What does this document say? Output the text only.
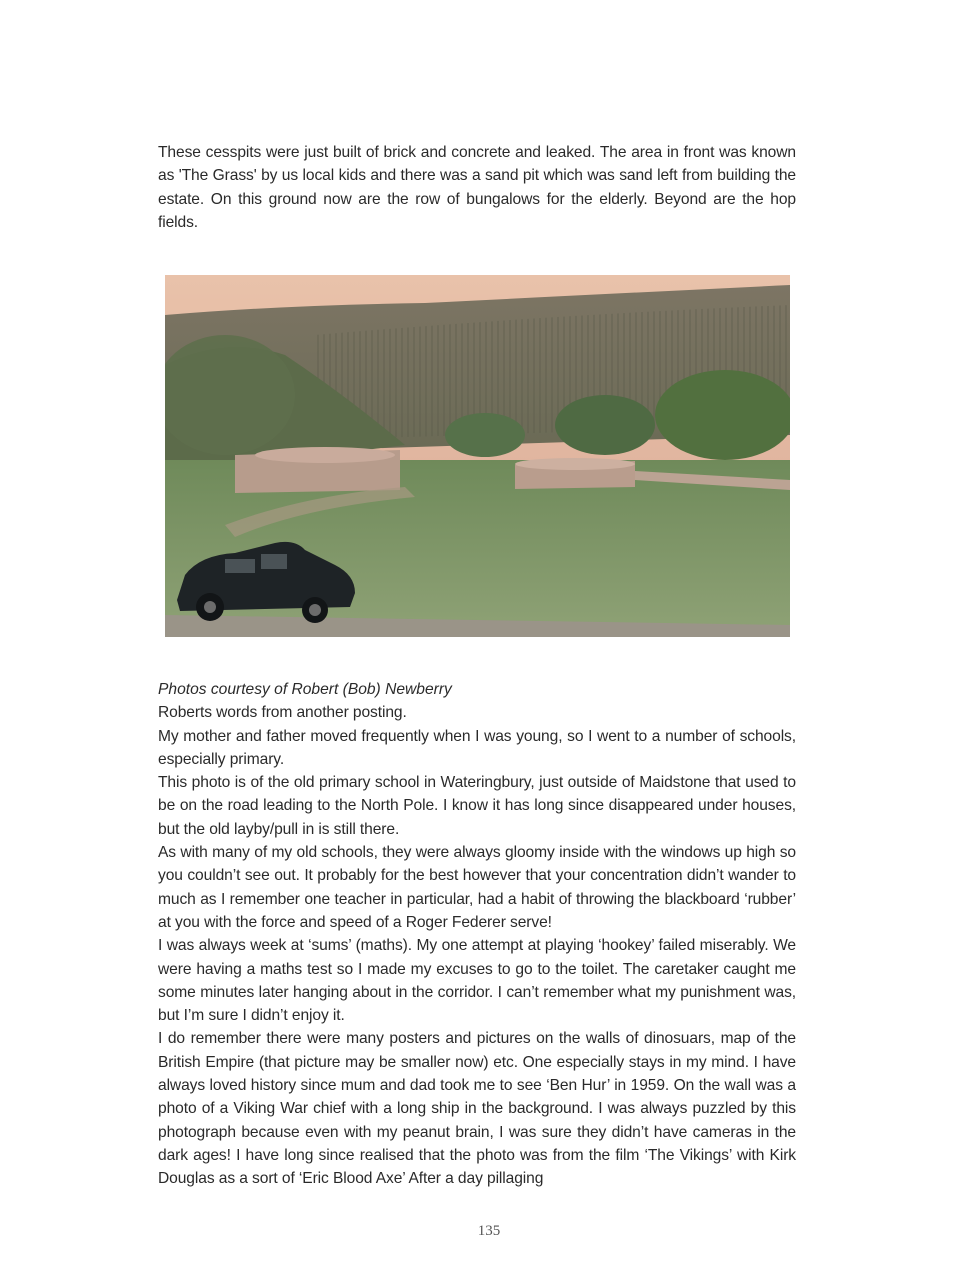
These cesspits were just built of brick and concrete and leaked. The area in front was known as 'The Grass' by us local kids and there was a sand pit which was sand left from building the estate. On this ground now are the row of bungalows for the elderly. Beyond are the hop fields.

Photos courtesy of Robert (Bob) Newberry

Roberts words from another posting.

My mother and father moved frequently when I was young, so I went to a number of schools, especially primary.

This photo is of the old primary school in Wateringbury, just outside of Maidstone that used to be on the road leading to the North Pole. I know it has long since disappeared under houses, but the old layby/pull in is still there.

As with many of my old schools, they were always gloomy inside with the windows up high so you couldn’t see out. It probably for the best however that your concentration didn’t wander to much as I remember one teacher in particular, had a habit of throwing the blackboard ‘rubber’ at you with the force and speed of a Roger Federer serve!

I was always week at ‘sums’ (maths). My one attempt at playing ‘hookey’ failed miserably. We were having a maths test so I made my excuses to go to the toilet. The caretaker caught me some minutes later hanging about in the corridor. I can’t remember what my punishment was, but I’m sure I didn’t enjoy it.

I do remember there were many posters and pictures on the walls of dinosuars, map of the British Empire (that picture may be smaller now) etc. One especially stays in my mind. I have always loved history since mum and dad took me to see ‘Ben Hur’ in 1959. On the wall was a photo of a Viking War chief with a long ship in the background. I was always puzzled by this photograph because even with my peanut brain, I was sure they didn’t have cameras in the dark ages! I have long since realised that the photo was from the film ‘The Vikings’ with Kirk Douglas as a sort of ‘Eric Blood Axe’ After a day pillaging

135
